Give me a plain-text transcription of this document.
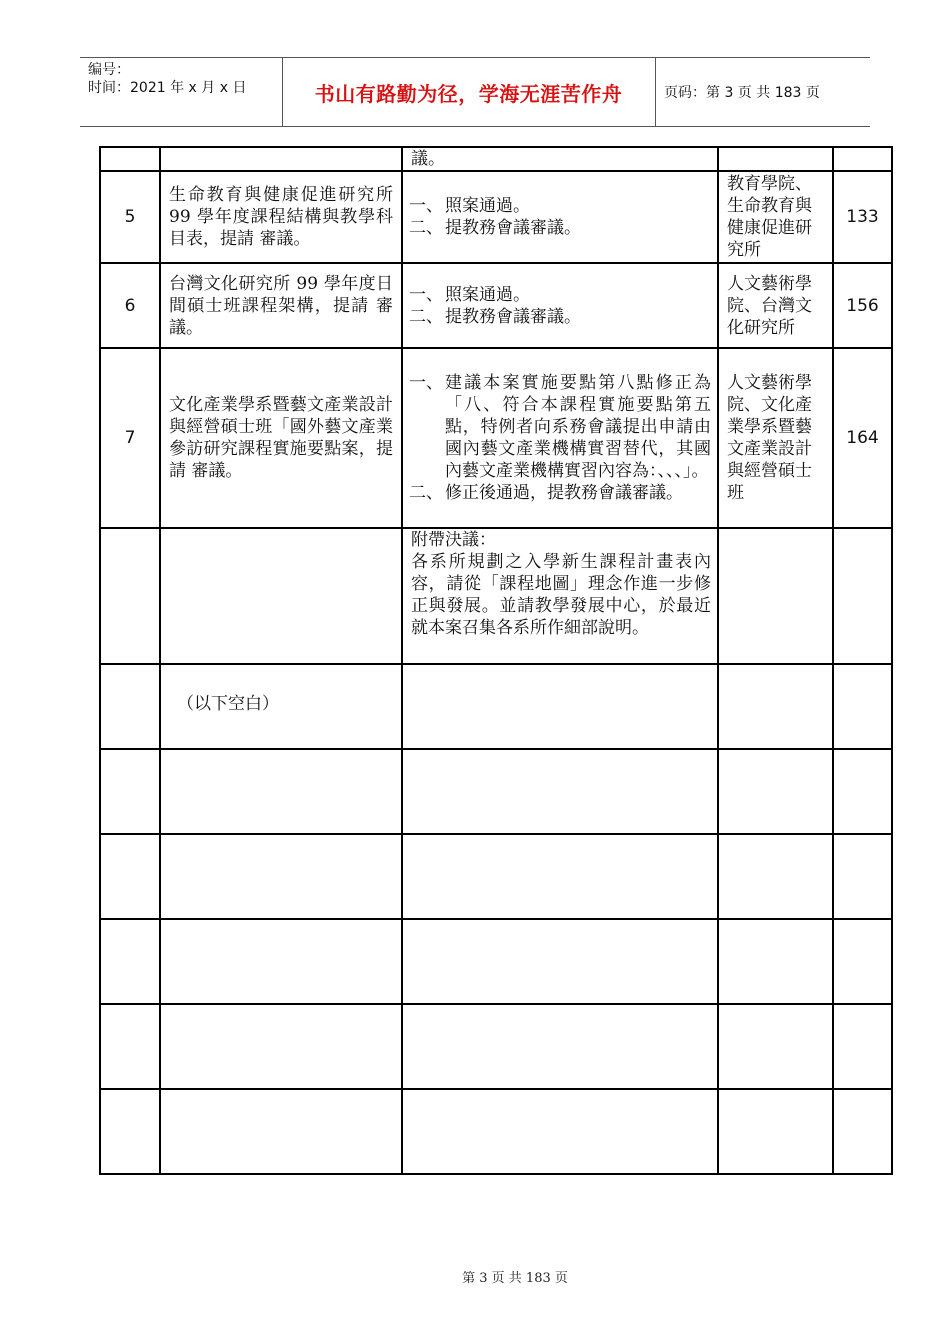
编号：
时间：2021 年 x 月 x 日	书山有路勤为径，学海无涯苦作舟	页码：第 3 页 共 183 页

		議。		

5	生命教育與健康促進研究所 99 學年度課程結構與教學科目表，提請 審議。	一、 照案通過。
二、 提教務會議審議。	教育學院、生命教育與健康促進研究所	133
6	台灣文化研究所 99 學年度日間碩士班課程架構，提請 審議。	一、 照案通過。
二、 提教務會議審議。	人文藝術學院、台灣文化研究所	156
7	文化產業學系暨藝文產業設計與經營碩士班「國外藝文產業參訪研究課程實施要點案，提請 審議。	一、 建議本案實施要點第八點修正為「八、符合本課程實施要點第五點，特例者向系務會議提出申請由國內藝文產業機構實習替代，其國內藝文產業機構實習內容為：、、、」。
二、 修正後通過，提教務會議審議。	人文藝術學院、文化產業學系暨藝文產業設計與經營碩士班	164

		附帶決議：
各系所規劃之入學新生課程計畫表內容，請從「課程地圖」理念作進一步修正與發展。並請教學發展中心，於最近就本案召集各系所作細部說明。		

	（以下空白）			

第 3 页 共 183 页
